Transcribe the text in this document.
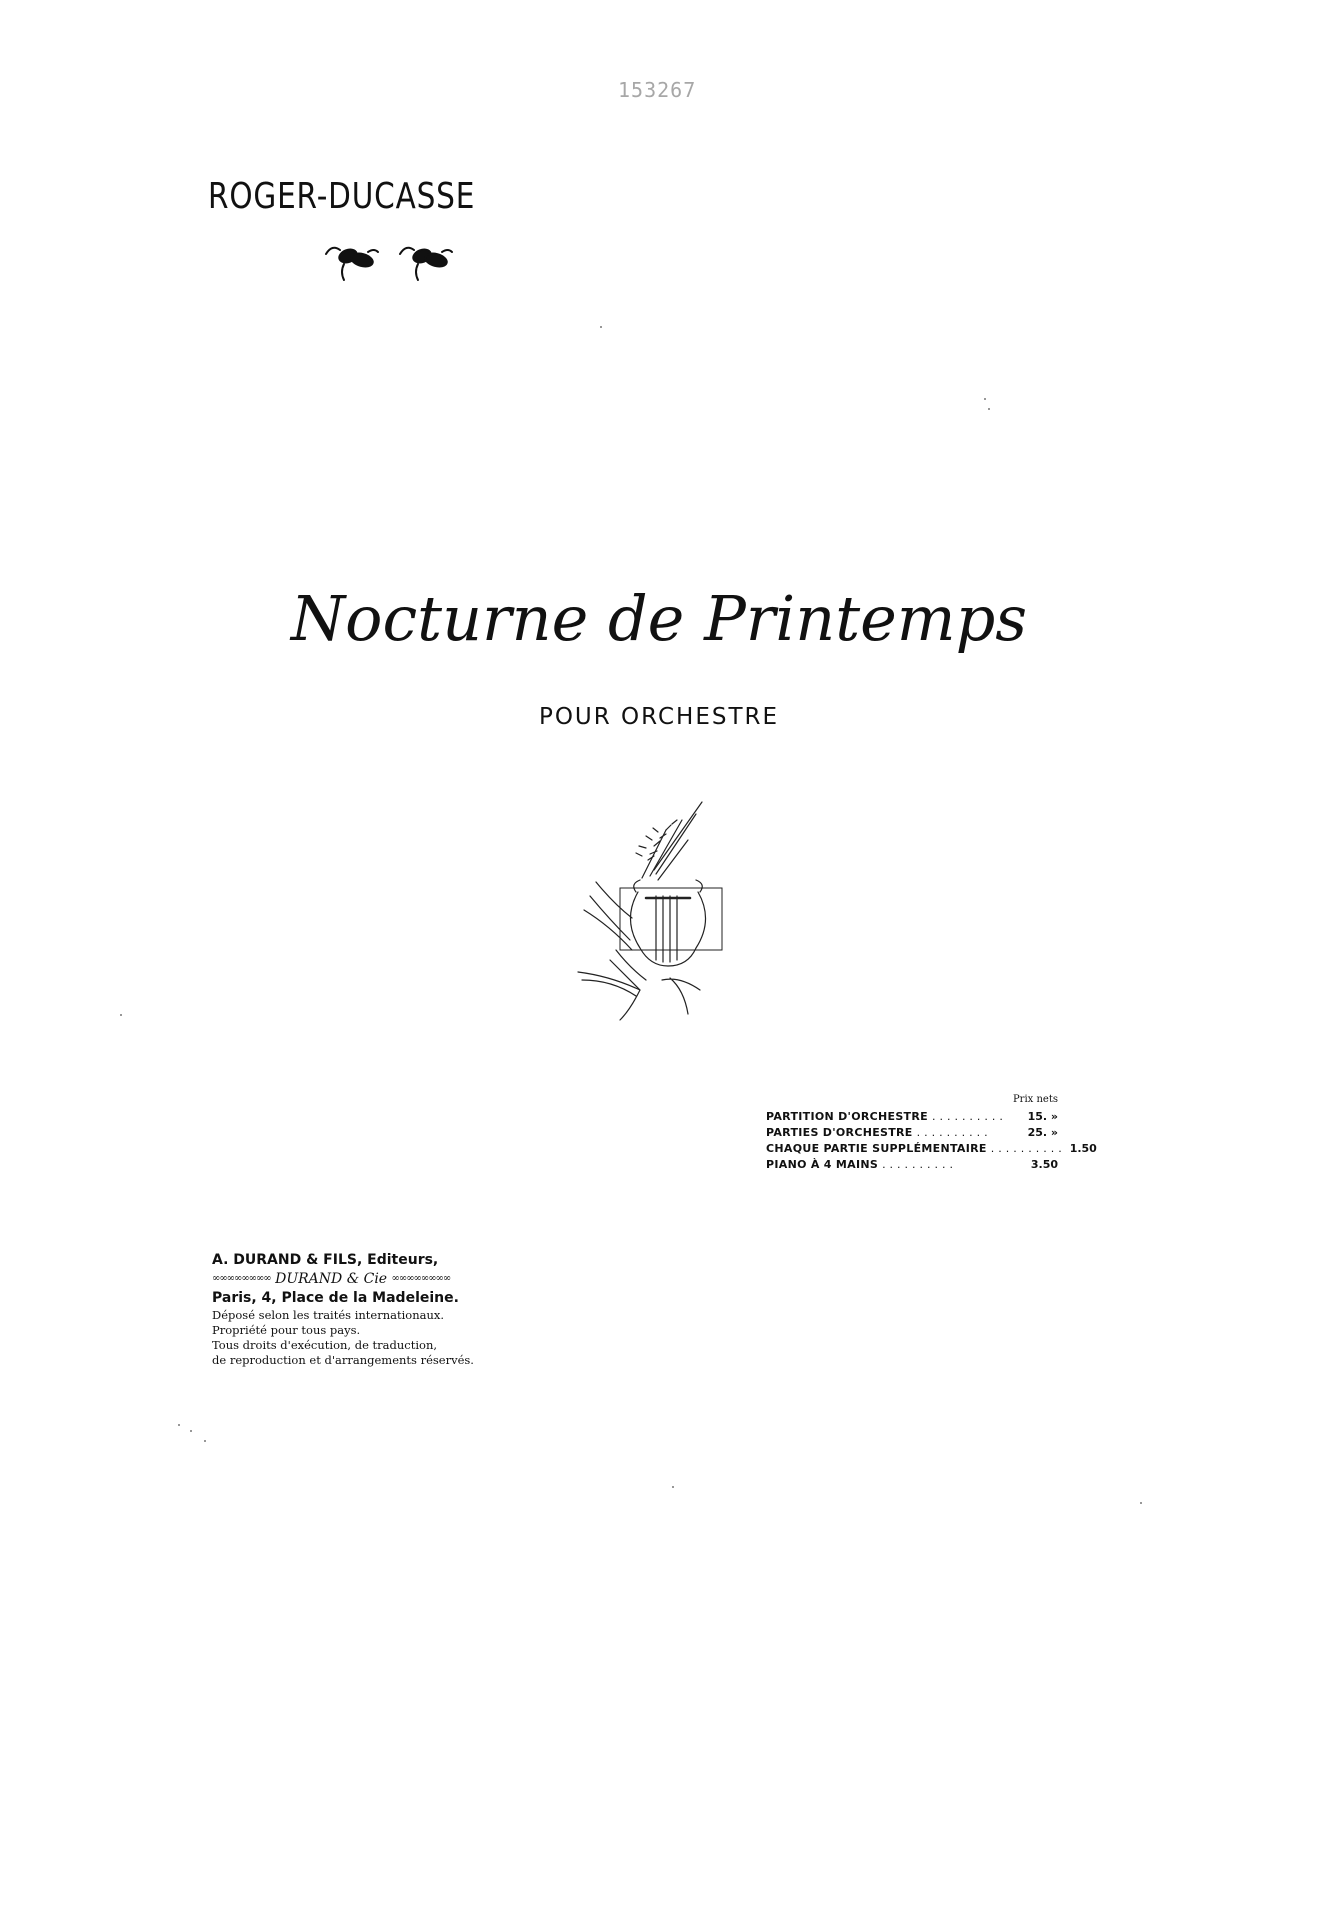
153267
ROGER-DUCASSE
Nocturne de Printemps
POUR ORCHESTRE
Prix nets
PARTITION D'ORCHESTRE ..........	15. »
PARTIES D'ORCHESTRE ..........	25. »
CHAQUE PARTIE SUPPLÉMENTAIRE .......... 1.50
PIANO À 4 MAINS ..........	3.50
A. DURAND & FILS, Editeurs,
∞∞∞∞∞∞∞∞ DURAND & Cie ∞∞∞∞∞∞∞∞
Paris, 4, Place de la Madeleine.
Déposé selon les traités internationaux.
Propriété pour tous pays.
Tous droits d'exécution, de traduction,
de reproduction et d'arrangements réservés.
